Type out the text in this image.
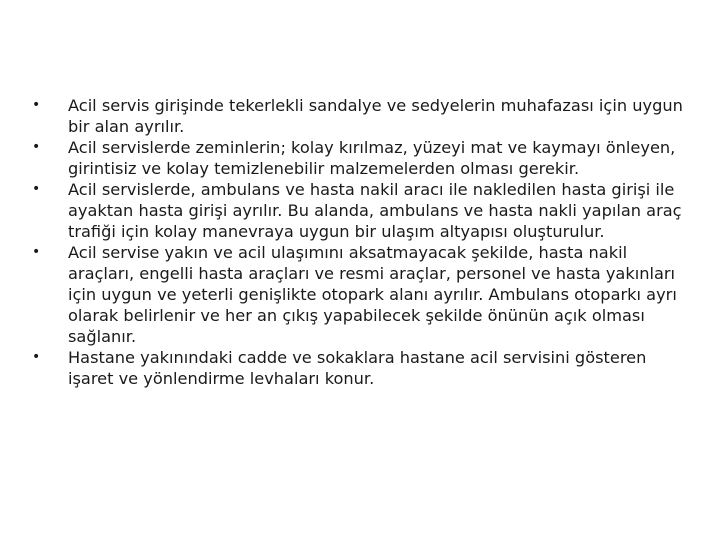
• Acil servis girişinde tekerlekli sandalye ve sedyelerin muhafazası için uygun bir alan ayrılır.
• Acil servislerde zeminlerin; kolay kırılmaz, yüzeyi mat ve kaymayı önleyen, girintisiz ve kolay temizlenebilir malzemelerden olması gerekir.
• Acil servislerde, ambulans ve hasta nakil aracı ile nakledilen hasta girişi ile ayaktan hasta girişi ayrılır. Bu alanda, ambulans ve hasta nakli yapılan araç trafiği için kolay manevraya uygun bir ulaşım altyapısı oluşturulur.
• Acil servise yakın ve acil ulaşımını aksatmayacak şekilde, hasta nakil araçları, engelli hasta araçları ve resmi araçlar, personel ve hasta yakınları için uygun ve yeterli genişlikte otopark alanı ayrılır. Ambulans otoparkı ayrı olarak belirlenir ve her an çıkış yapabilecek şekilde önünün açık olması sağlanır.
• Hastane yakınındaki cadde ve sokaklara hastane acil servisini gösteren işaret ve yönlendirme levhaları konur.
